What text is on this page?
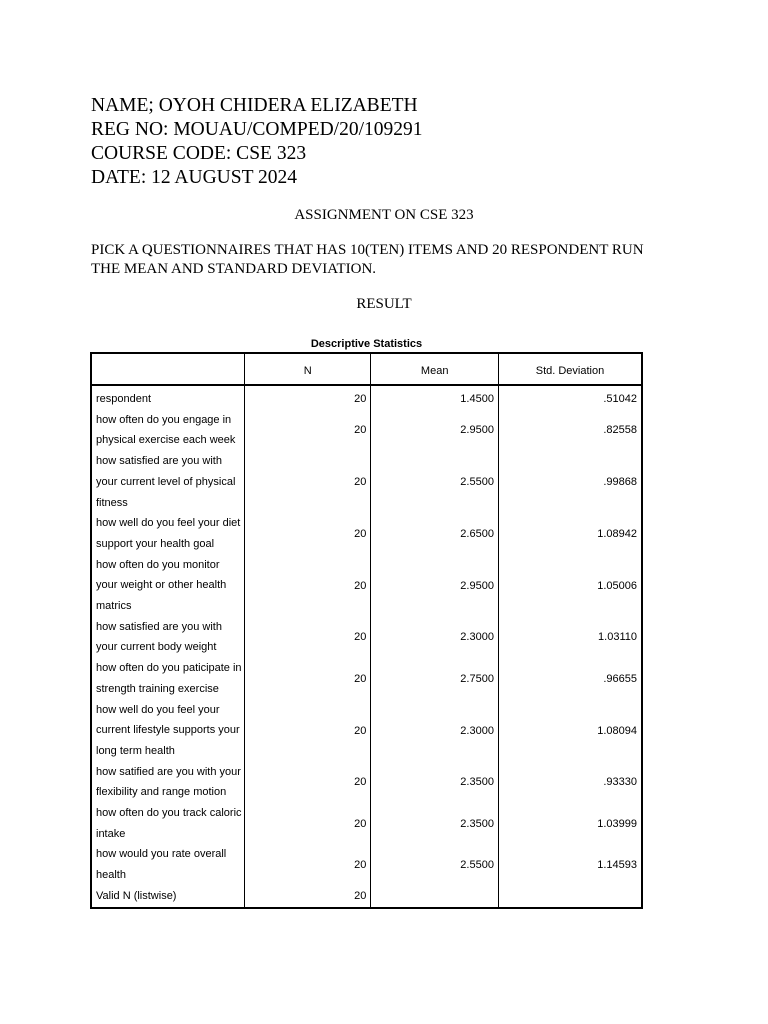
NAME; OYOH CHIDERA ELIZABETH
REG NO: MOUAU/COMPED/20/109291
COURSE CODE: CSE 323
DATE: 12 AUGUST 2024
ASSIGNMENT ON CSE 323
PICK A QUESTIONNAIRES THAT HAS 10(TEN) ITEMS AND 20 RESPONDENT RUN THE MEAN AND STANDARD DEVIATION.
RESULT
Descriptive Statistics
	N	Mean	Std. Deviation
respondent	20	1.4500	.51042
how often do you engage in physical exercise each week	20	2.9500	.82558
how satisfied are you with your current level of physical fitness	20	2.5500	.99868
how well do you feel your diet support your health goal	20	2.6500	1.08942
how often do you monitor your weight or other health matrics	20	2.9500	1.05006
how satisfied are you with your current body weight	20	2.3000	1.03110
how often do you paticipate in strength training exercise	20	2.7500	.96655
how well do you feel your current lifestyle supports your long term health	20	2.3000	1.08094
how satified are you with your flexibility and range motion	20	2.3500	.93330
how often do you track caloric intake	20	2.3500	1.03999
how would you rate overall health	20	2.5500	1.14593
Valid N (listwise)	20		
